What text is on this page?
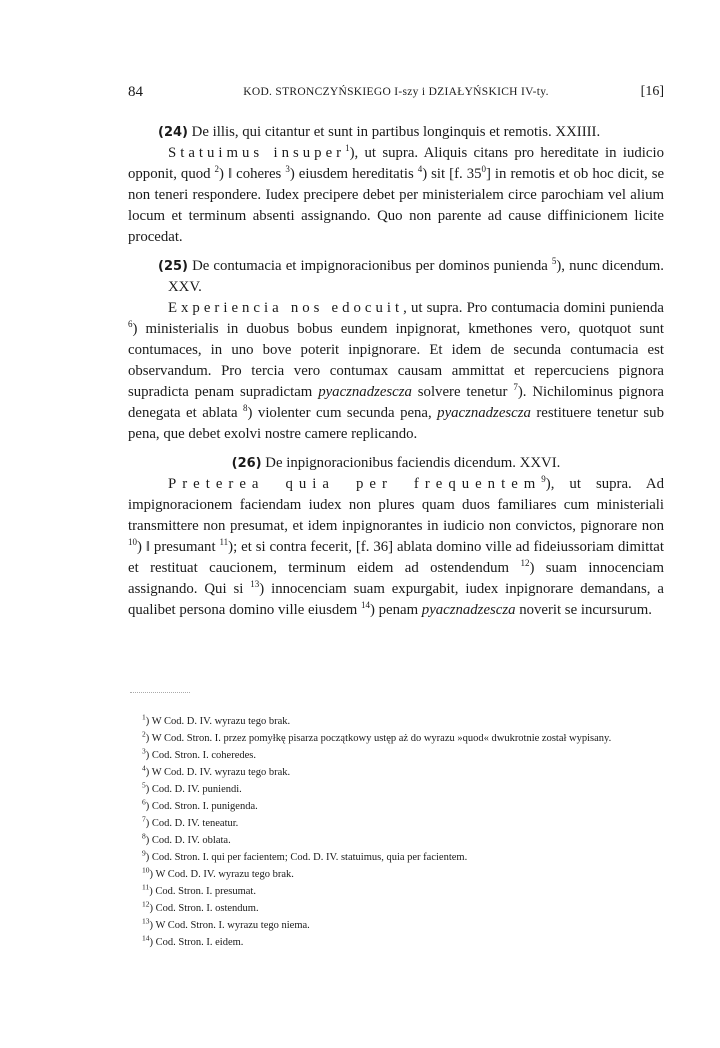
84	KOD. STRONCZYŃSKIEGO I-szy i DZIAŁYŃSKICH IV-ty.	[16]

(24) De illis, qui citantur et sunt in partibus longinquis et remotis. XXIIII.

Statuimus insuper$^1$), ut supra. Aliquis citans pro hereditate in iudicio opponit, quod $^2$) ‖ coheres $^3$) eiusdem hereditatis $^4$) sit [f. $35^0$] in remotis et ob hoc dicit, se non teneri respondere. Iudex precipere debet per ministerialem circe parochiam vel alium locum et terminum absenti assignando. Quo non parente ad cause diffinicionem licite procedat.

(25) De contumacia et impignoracionibus per dominos punienda $^5$), nunc dicendum. XXV.

Experiencia nos edocuit, ut supra. Pro contumacia domini punienda $^6$) ministerialis in duobus bobus eundem inpignorat, kmethones vero, quotquot sunt contumaces, in uno bove poterit inpignorare. Et idem de secunda contumacia est observandum. Pro tercia vero contumax causam ammittat et repercuciens pignora supradicta penam supradictam pyacznadzescza solvere tenetur $^7$). Nichilominus pignora denegata et ablata $^8$) violenter cum secunda pena, pyacznadzescza restituere tenetur sub pena, que debet exolvi nostre camere replicando.

(26) De inpignoracionibus faciendis dicendum. XXVI.

Preterea quia per frequentem$^9$), ut supra. Ad impignoracionem faciendam iudex non plures quam duos familiares cum ministeriali transmittere non presumat, et idem inpignorantes in iudicio non convictos, pignorare non $^{10}$) ‖ presumant $^{11}$); et si contra fecerit, [f. 36] ablata domino ville ad fideiussoriam dimittat et restituat caucionem, terminum eidem ad ostendendum $^{12}$) suam innocenciam assignando. Qui si $^{13}$) innocenciam suam expurgabit, iudex inpignorare demandans, a qualibet persona domino ville eiusdem $^{14}$) penam pyacznadzescza noverit se incursurum.

$^1$) W Cod. D. IV. wyrazu tego brak.
$^2$) W Cod. Stron. I. przez pomyłkę pisarza początkowy ustęp aż do wyrazu »quod« dwukrotnie został wypisany.
$^3$) Cod. Stron. I. coheredes.
$^4$) W Cod. D. IV. wyrazu tego brak.
$^5$) Cod. D. IV. puniendi.
$^6$) Cod. Stron. I. punigenda.
$^7$) Cod. D. IV. teneatur.
$^8$) Cod. D. IV. oblata.
$^9$) Cod. Stron. I. qui per facientem; Cod. D. IV. statuimus, quia per facientem.
$^{10}$) W Cod. D. IV. wyrazu tego brak.
$^{11}$) Cod. Stron. I. presumat.
$^{12}$) Cod. Stron. I. ostendum.
$^{13}$) W Cod. Stron. I. wyrazu tego niema.
$^{14}$) Cod. Stron. I. eidem.
